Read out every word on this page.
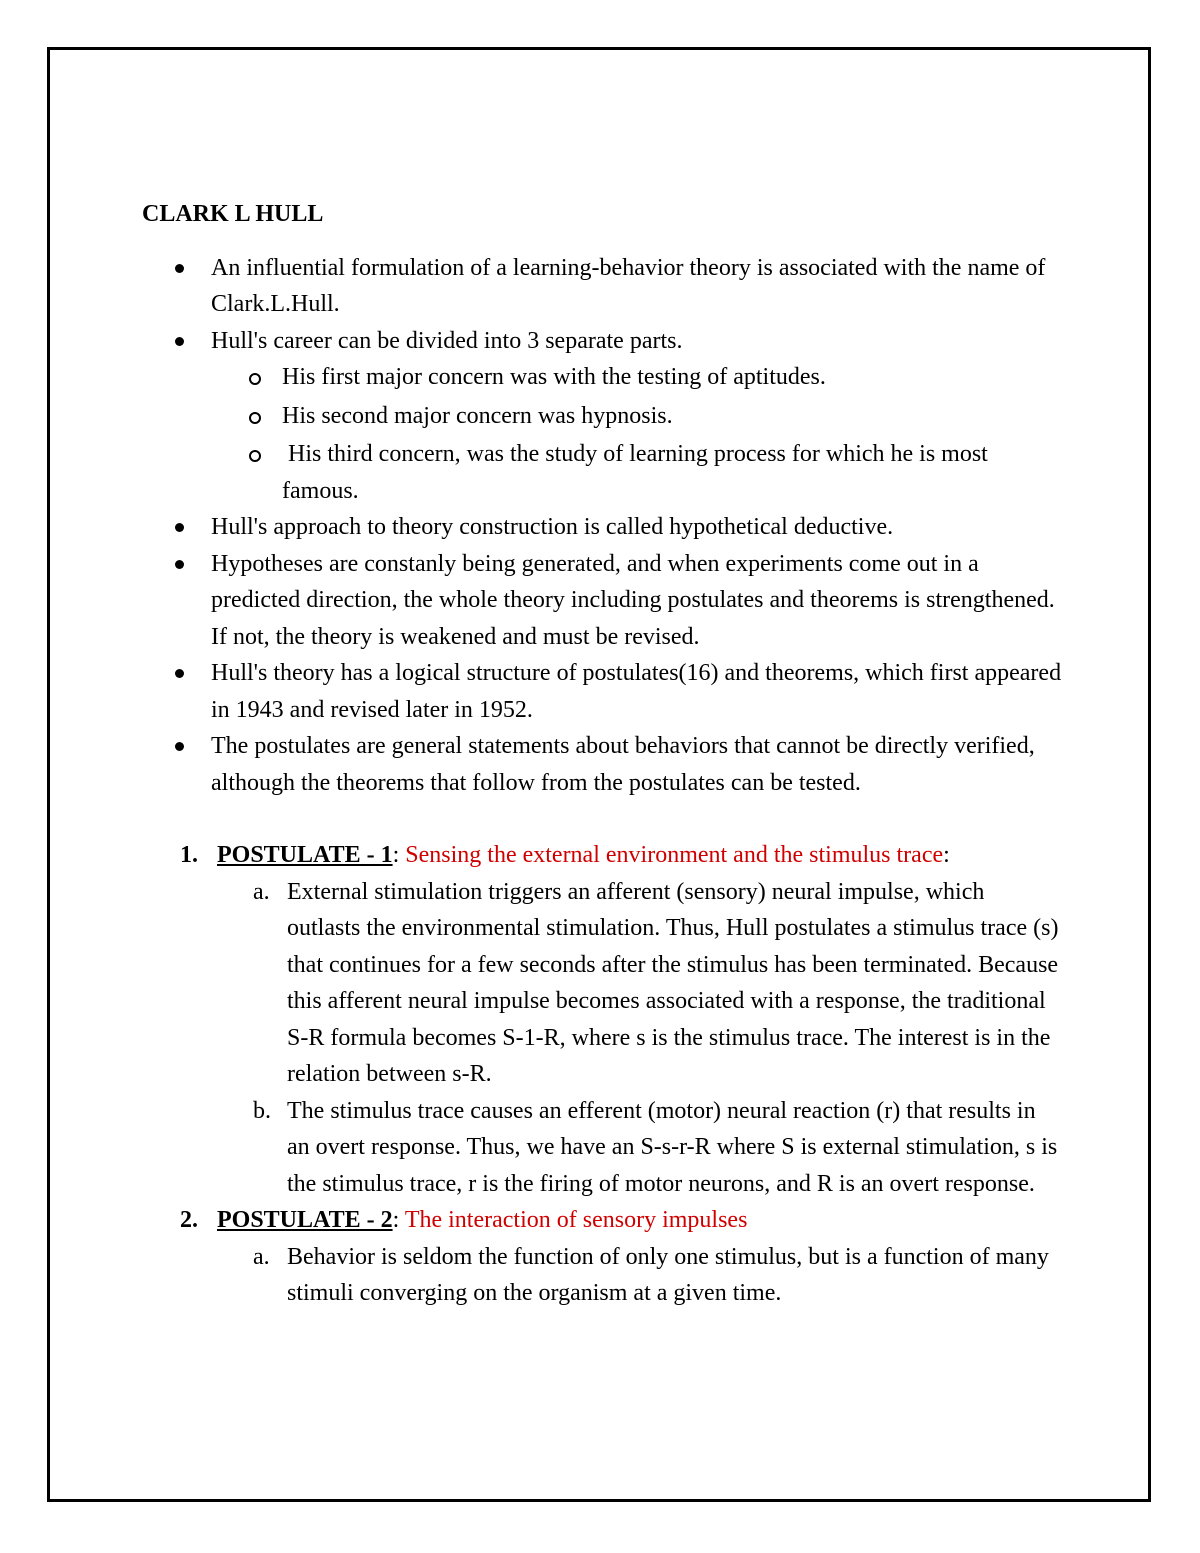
CLARK L HULL
An influential formulation of a learning-behavior theory is associated with the name of Clark.L.Hull.
Hull's career can be divided into 3 separate parts.
His first major concern was with the testing of aptitudes.
His second major concern was hypnosis.
His third concern, was the study of learning process for which he is most famous.
Hull's approach to theory construction is called hypothetical deductive.
Hypotheses are constanly being generated, and when experiments come out in a predicted direction, the whole theory including postulates and theorems is strengthened. If not, the theory is weakened and must be revised.
Hull's theory has a logical structure of postulates(16) and theorems, which first appeared in 1943 and revised later in 1952.
The postulates are general statements about behaviors that cannot be directly verified, although the theorems that follow from the postulates can be tested.
1. POSTULATE - 1: Sensing the external environment and the stimulus trace:
a. External stimulation triggers an afferent (sensory) neural impulse, which outlasts the environmental stimulation. Thus, Hull postulates a stimulus trace (s) that continues for a few seconds after the stimulus has been terminated. Because this afferent neural impulse becomes associated with a response, the traditional S-R formula becomes S-1-R, where s is the stimulus trace. The interest is in the relation between s-R.
b. The stimulus trace causes an efferent (motor) neural reaction (r) that results in an overt response. Thus, we have an S-s-r-R where S is external stimulation, s is the stimulus trace, r is the firing of motor neurons, and R is an overt response.
2. POSTULATE - 2: The interaction of sensory impulses
a. Behavior is seldom the function of only one stimulus, but is a function of many stimuli converging on the organism at a given time.
